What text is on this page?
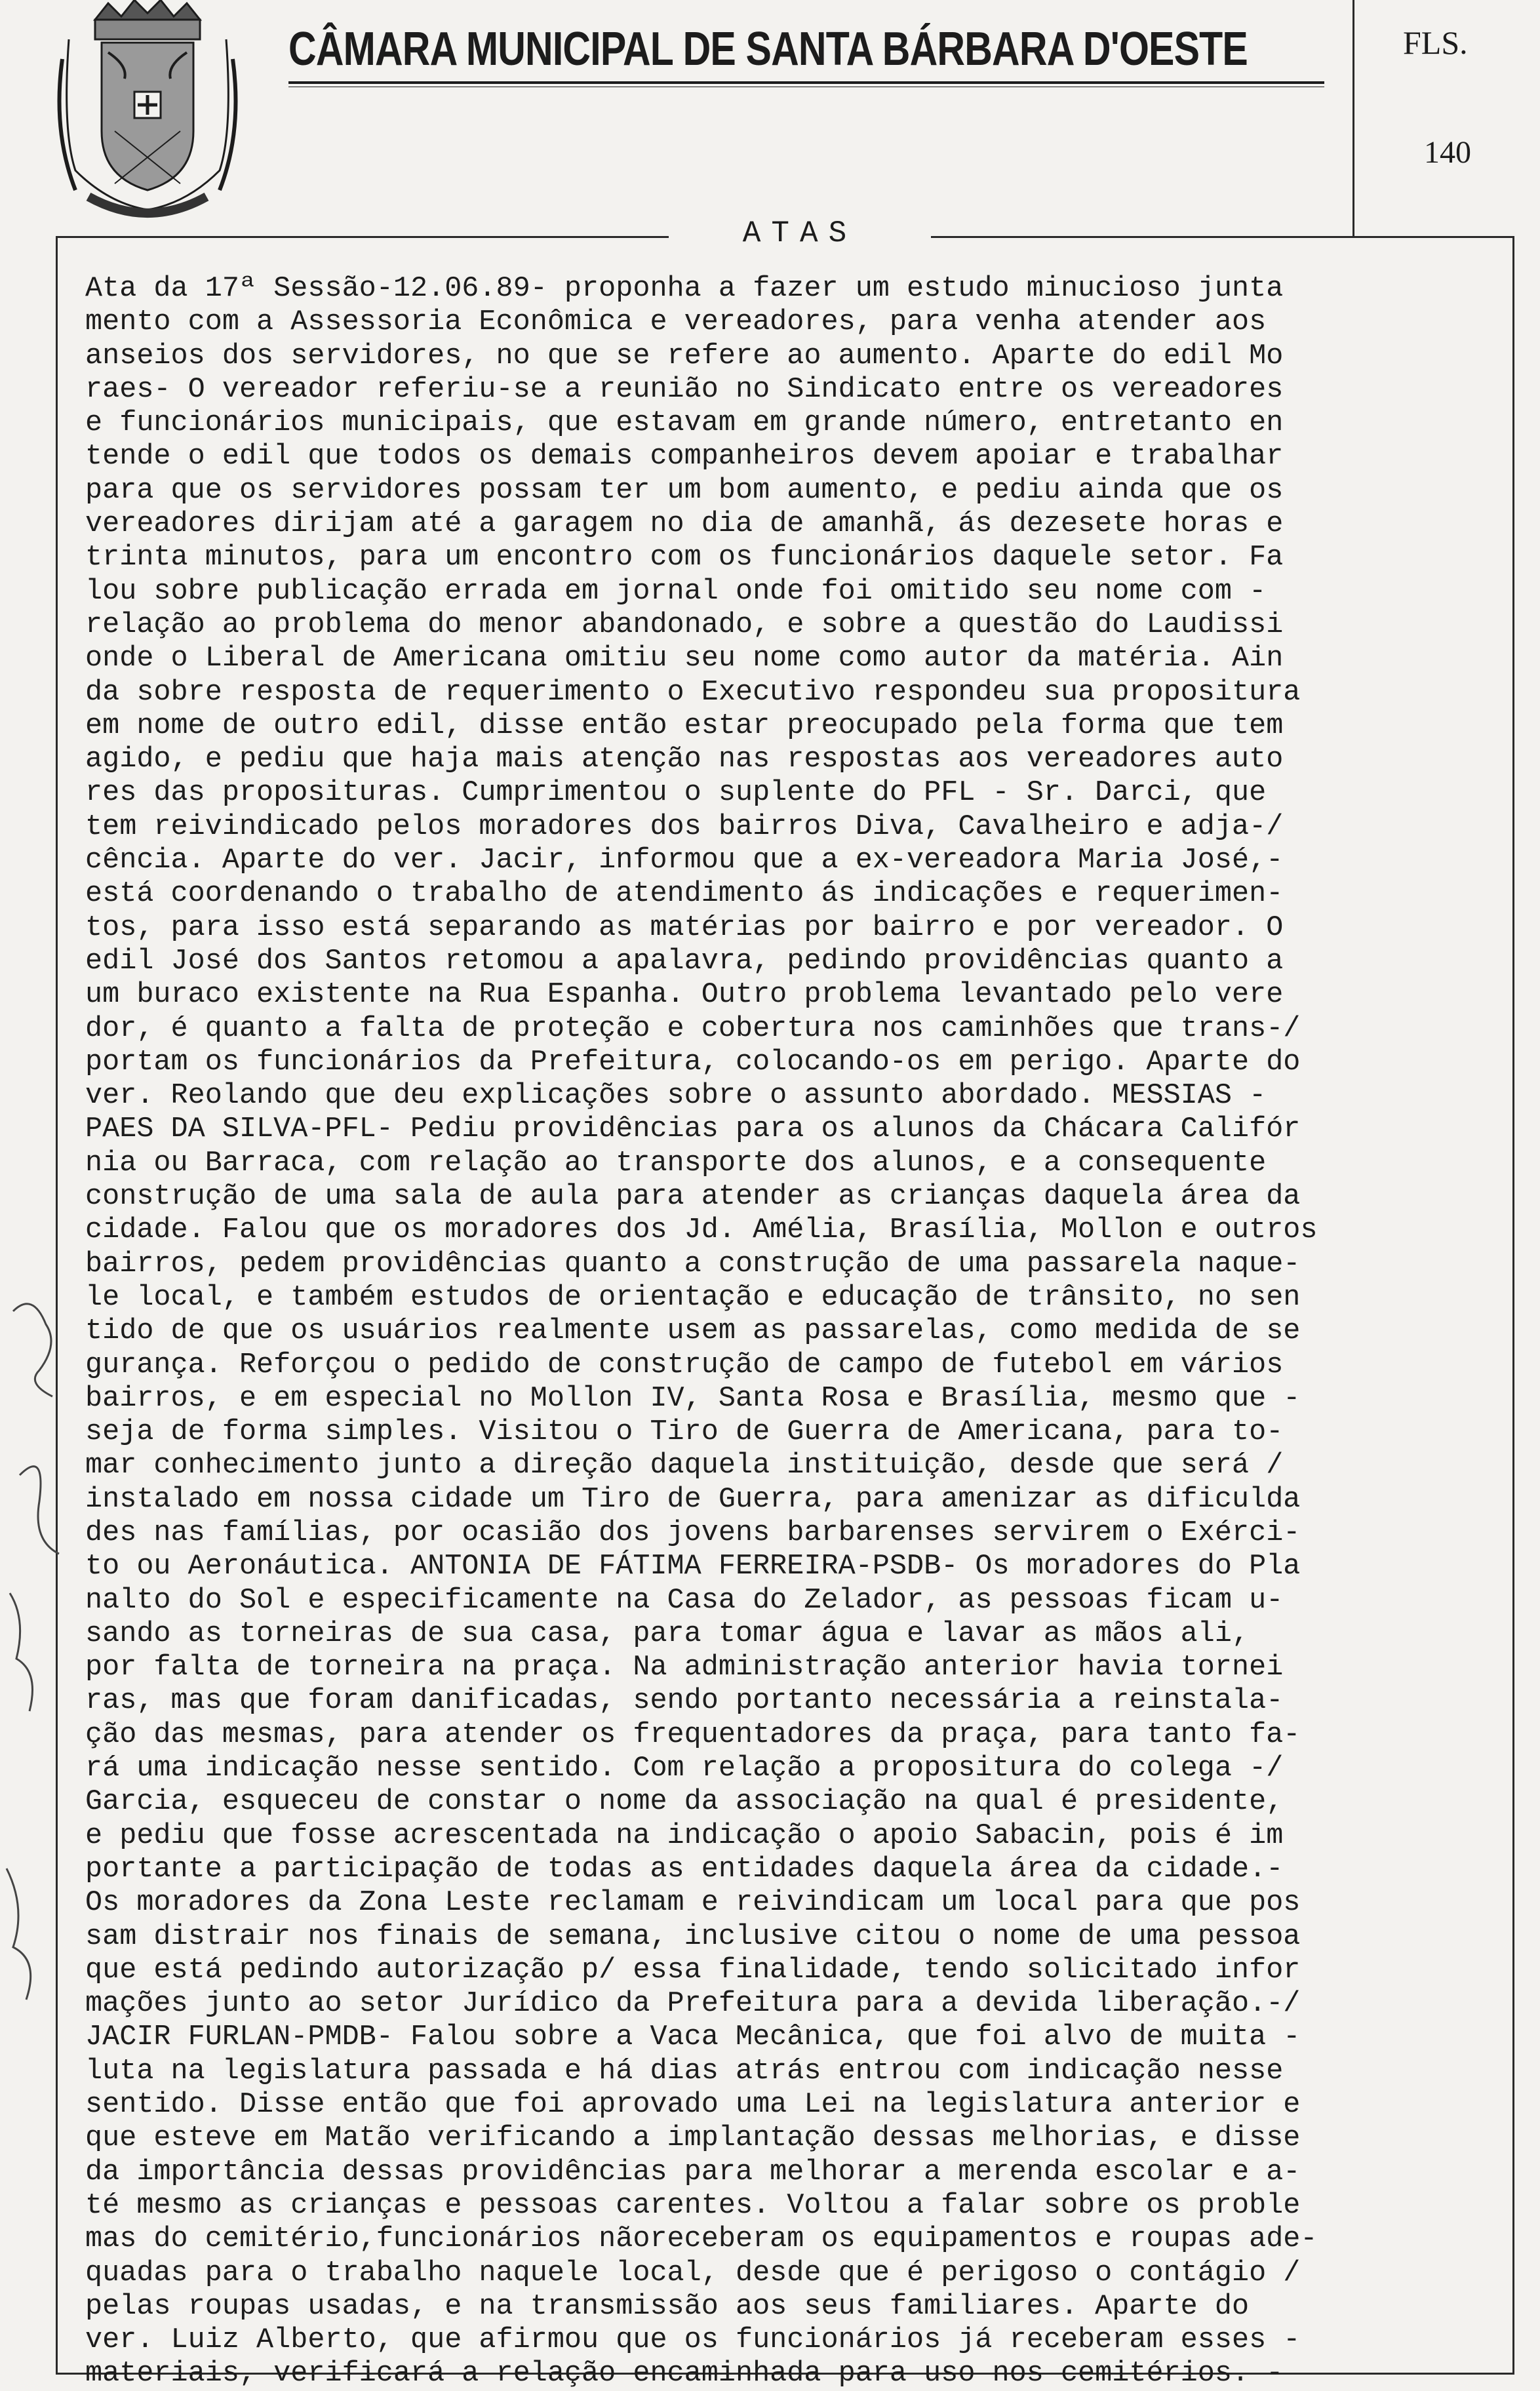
CÂMARA MUNICIPAL DE SANTA BÁRBARA D'OESTE	FLS.
140
ATAS
Ata da 17ª Sessão-12.06.89- proponha a fazer um estudo minucioso junta
mento com a Assessoria Econômica e vereadores, para venha atender aos
anseios dos servidores, no que se refere ao aumento. Aparte do edil Mo
raes- O vereador referiu-se a reunião no Sindicato entre os vereadores
e funcionários municipais, que estavam em grande número, entretanto en
tende o edil que todos os demais companheiros devem apoiar e trabalhar
para que os servidores possam ter um bom aumento, e pediu ainda que os
vereadores dirijam até a garagem no dia de amanhã, ás dezesete horas e
trinta minutos, para um encontro com os funcionários daquele setor. Fa
lou sobre publicação errada em jornal onde foi omitido seu nome com -
relação ao problema do menor abandonado, e sobre a questão do Laudissi
onde o Liberal de Americana omitiu seu nome como autor da matéria. Ain
da sobre resposta de requerimento o Executivo respondeu sua propositura
em nome de outro edil, disse então estar preocupado pela forma que tem
agido, e pediu que haja mais atenção nas respostas aos vereadores auto
res das proposituras. Cumprimentou o suplente do PFL - Sr. Darci, que
tem reivindicado pelos moradores dos bairros Diva, Cavalheiro e adja-/
cência. Aparte do ver. Jacir, informou que a ex-vereadora Maria José,-
está coordenando o trabalho de atendimento ás indicações e requerimen-
tos, para isso está separando as matérias por bairro e por vereador. O
edil José dos Santos retomou a apalavra, pedindo providências quanto a
um buraco existente na Rua Espanha. Outro problema levantado pelo vere
dor, é quanto a falta de proteção e cobertura nos caminhões que trans-/
portam os funcionários da Prefeitura, colocando-os em perigo. Aparte do
ver. Reolando que deu explicações sobre o assunto abordado. MESSIAS -
PAES DA SILVA-PFL- Pediu providências para os alunos da Chácara Califór
nia ou Barraca, com relação ao transporte dos alunos, e a consequente
construção de uma sala de aula para atender as crianças daquela área da
cidade. Falou que os moradores dos Jd. Amélia, Brasília, Mollon e outros
bairros, pedem providências quanto a construção de uma passarela naque-
le local, e também estudos de orientação e educação de trânsito, no sen
tido de que os usuários realmente usem as passarelas, como medida de se
gurança. Reforçou o pedido de construção de campo de futebol em vários
bairros, e em especial no Mollon IV, Santa Rosa e Brasília, mesmo que -
seja de forma simples. Visitou o Tiro de Guerra de Americana, para to-
mar conhecimento junto a direção daquela instituição, desde que será /
instalado em nossa cidade um Tiro de Guerra, para amenizar as dificulda
des nas famílias, por ocasião dos jovens barbarenses servirem o Exérci-
to ou Aeronáutica. ANTONIA DE FÁTIMA FERREIRA-PSDB- Os moradores do Pla
nalto do Sol e especificamente na Casa do Zelador, as pessoas ficam u-
sando as torneiras de sua casa, para tomar água e lavar as mãos ali,
por falta de torneira na praça. Na administração anterior havia tornei
ras, mas que foram danificadas, sendo portanto necessária a reinstala-
ção das mesmas, para atender os frequentadores da praça, para tanto fa-
rá uma indicação nesse sentido. Com relação a propositura do colega -/
Garcia, esqueceu de constar o nome da associação na qual é presidente,
e pediu que fosse acrescentada na indicação o apoio Sabacin, pois é im
portante a participação de todas as entidades daquela área da cidade.-
Os moradores da Zona Leste reclamam e reivindicam um local para que pos
sam distrair nos finais de semana, inclusive citou o nome de uma pessoa
que está pedindo autorização p/ essa finalidade, tendo solicitado infor
mações junto ao setor Jurídico da Prefeitura para a devida liberação.-/
JACIR FURLAN-PMDB- Falou sobre a Vaca Mecânica, que foi alvo de muita -
luta na legislatura passada e há dias atrás entrou com indicação nesse
sentido. Disse então que foi aprovado uma Lei na legislatura anterior e
que esteve em Matão verificando a implantação dessas melhorias, e disse
da importância dessas providências para melhorar a merenda escolar e a-
té mesmo as crianças e pessoas carentes. Voltou a falar sobre os proble
mas do cemitério,funcionários nãoreceberam os equipamentos e roupas ade-
quadas para o trabalho naquele local, desde que é perigoso o contágio /
pelas roupas usadas, e na transmissão aos seus familiares. Aparte do
ver. Luiz Alberto, que afirmou que os funcionários já receberam esses -
materiais, verificará a relação encaminhada para uso nos cemitérios. -
